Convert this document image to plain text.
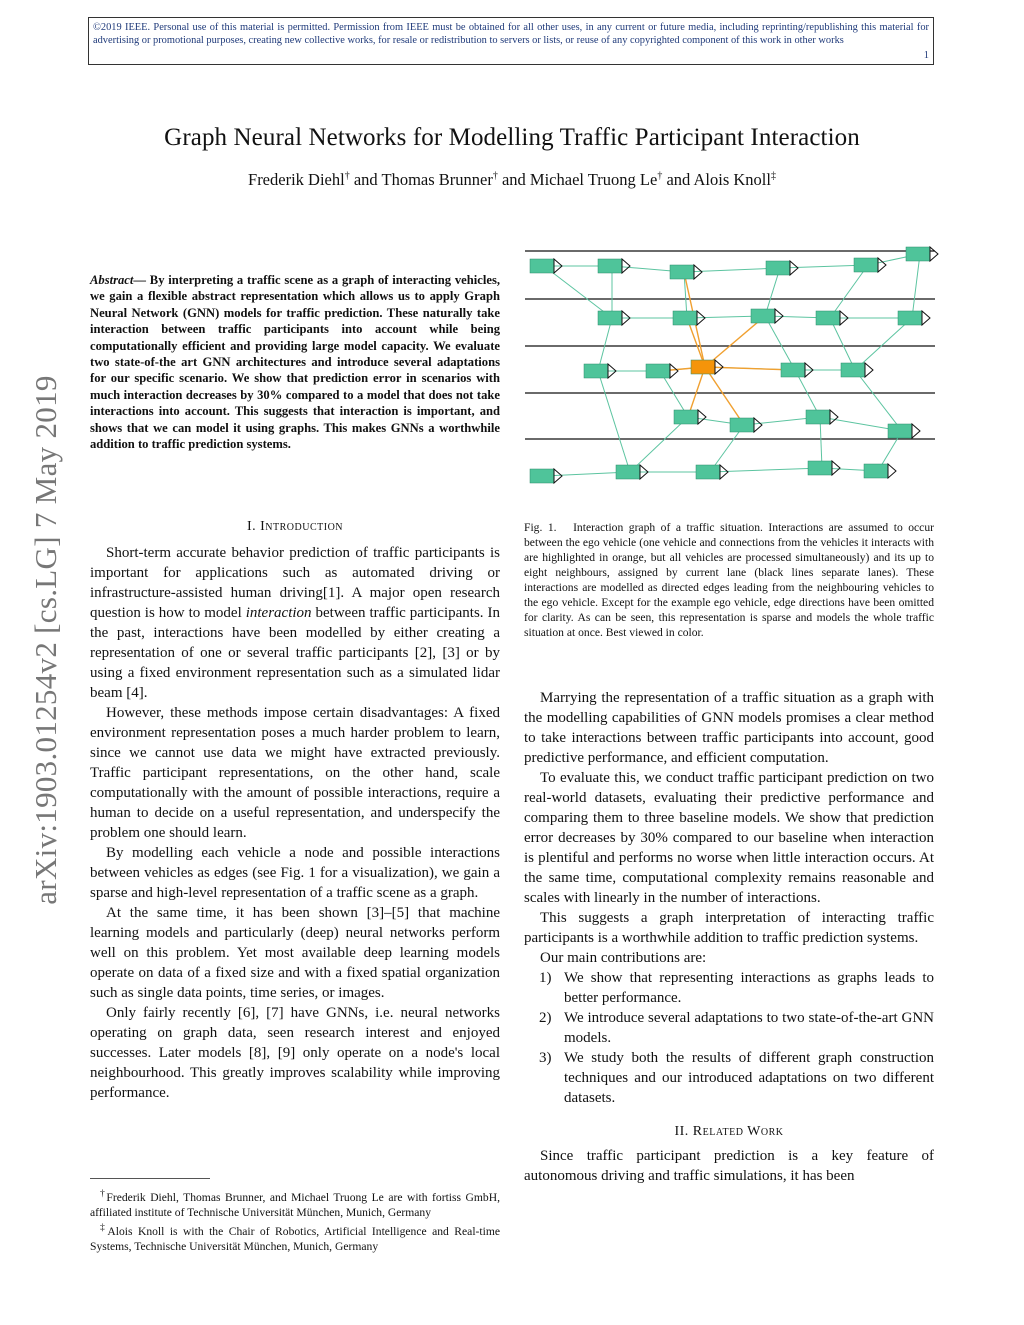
©2019 IEEE. Personal use of this material is permitted. Permission from IEEE must be obtained for all other uses, in any current or future media, including reprinting/republishing this material for advertising or promotional purposes, creating new collective works, for resale or redistribution to servers or lists, or reuse of any copyrighted component of this work in other works
1
arXiv:1903.01254v2 [cs.LG] 7 May 2019
Graph Neural Networks for Modelling Traffic Participant Interaction
Frederik Diehl† and Thomas Brunner† and Michael Truong Le† and Alois Knoll‡
Abstract— By interpreting a traffic scene as a graph of interacting vehicles, we gain a flexible abstract representation which allows us to apply Graph Neural Network (GNN) models for traffic prediction. These naturally take interaction between traffic participants into account while being computationally efficient and providing large model capacity. We evaluate two state-of-the art GNN architectures and introduce several adaptations for our specific scenario. We show that prediction error in scenarios with much interaction decreases by 30% compared to a model that does not take interactions into account. This suggests that interaction is important, and shows that we can model it using graphs. This makes GNNs a worthwhile addition to traffic prediction systems.
I. Introduction

Short-term accurate behavior prediction of traffic participants is important for applications such as automated driving or infrastructure-assisted human driving[1]. A major open research question is how to model interaction between traffic participants. In the past, interactions have been modelled by either creating a representation of one or several traffic participants [2], [3] or by using a fixed environment representation such as a simulated lidar beam [4].

However, these methods impose certain disadvantages: A fixed environment representation poses a much harder problem to learn, since we cannot use data we might have extracted previously. Traffic participant representations, on the other hand, scale computationally with the amount of possible interactions, require a human to decide on a useful representation, and underspecify the problem one should learn.

By modelling each vehicle a node and possible interactions between vehicles as edges (see Fig. 1 for a visualization), we gain a sparse and high-level representation of a traffic scene as a graph.

At the same time, it has been shown [3]–[5] that machine learning models and particularly (deep) neural networks perform well on this problem. Yet most available deep learning models operate on data of a fixed size and with a fixed spatial organization such as single data points, time series, or images.

Only fairly recently [6], [7] have GNNs, i.e. neural networks operating on graph data, seen research interest and enjoyed successes. Later models [8], [9] only operate on a node's local neighbourhood. This greatly improves scalability while improving performance.

†Frederik Diehl, Thomas Brunner, and Michael Truong Le are with fortiss GmbH, affiliated institute of Technische Universität München, Munich, Germany
‡Alois Knoll is with the Chair of Robotics, Artificial Intelligence and Real-time Systems, Technische Universität München, Munich, Germany
Fig. 1. Interaction graph of a traffic situation. Interactions are assumed to occur between the ego vehicle (one vehicle and connections from the vehicles it interacts with are highlighted in orange, but all vehicles are processed simultaneously) and its up to eight neighbours, assigned by current lane (black lines separate lanes). These interactions are modelled as directed edges leading from the neighbouring vehicles to the ego vehicle. Except for the example ego vehicle, edge directions have been omitted for clarity. As can be seen, this representation is sparse and models the whole traffic situation at once. Best viewed in color.

Marrying the representation of a traffic situation as a graph with the modelling capabilities of GNN models promises a clear method to take interactions between traffic participants into account, good predictive performance, and efficient computation.

To evaluate this, we conduct traffic participant prediction on two real-world datasets, evaluating their predictive performance and comparing them to three baseline models. We show that prediction error decreases by 30% compared to our baseline when interaction is plentiful and performs no worse when little interaction occurs. At the same time, computational complexity remains reasonable and scales with linearly in the number of interactions.

This suggests a graph interpretation of interacting traffic participants is a worthwhile addition to traffic prediction systems.

Our main contributions are:

1) We show that representing interactions as graphs leads to better performance.
2) We introduce several adaptations to two state-of-the-art GNN models.
3) We study both the results of different graph construction techniques and our introduced adaptations on two different datasets.
II. Related Work

Since traffic participant prediction is a key feature of autonomous driving and traffic simulations, it has been
